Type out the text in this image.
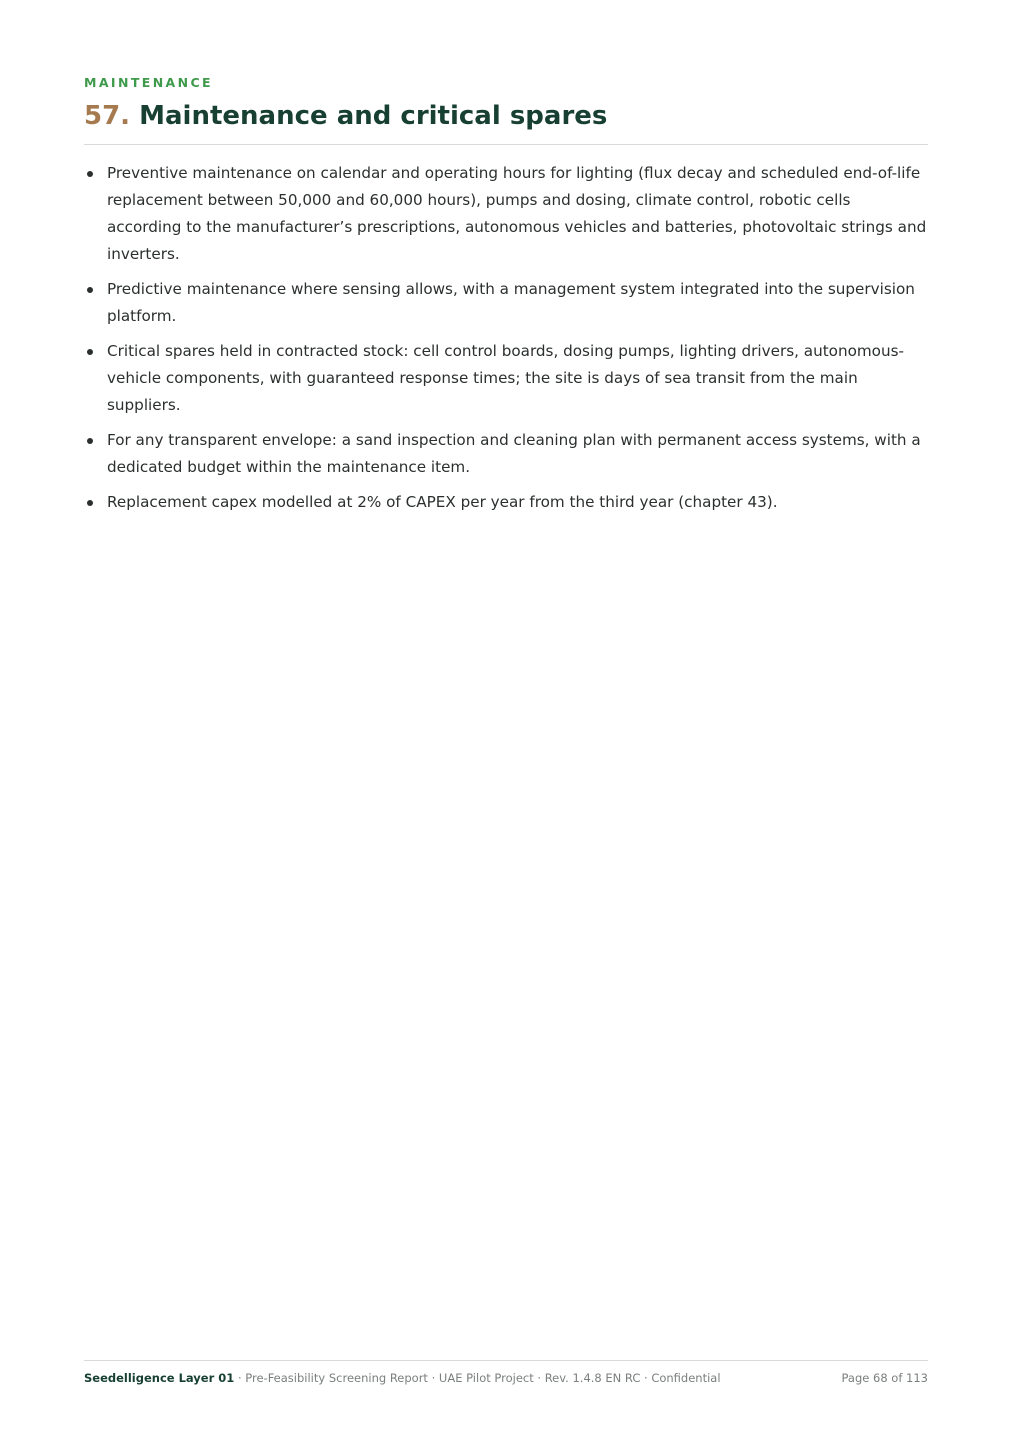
MAINTENANCE
57. Maintenance and critical spares
Preventive maintenance on calendar and operating hours for lighting (flux decay and scheduled end-of-life replacement between 50,000 and 60,000 hours), pumps and dosing, climate control, robotic cells according to the manufacturer’s prescriptions, autonomous vehicles and batteries, photovoltaic strings and inverters.
Predictive maintenance where sensing allows, with a management system integrated into the supervision platform.
Critical spares held in contracted stock: cell control boards, dosing pumps, lighting drivers, autonomous-vehicle components, with guaranteed response times; the site is days of sea transit from the main suppliers.
For any transparent envelope: a sand inspection and cleaning plan with permanent access systems, with a dedicated budget within the maintenance item.
Replacement capex modelled at 2% of CAPEX per year from the third year (chapter 43).
Seedelligence Layer 01 · Pre-Feasibility Screening Report · UAE Pilot Project · Rev. 1.4.8 EN RC · Confidential	Page 68 of 113
